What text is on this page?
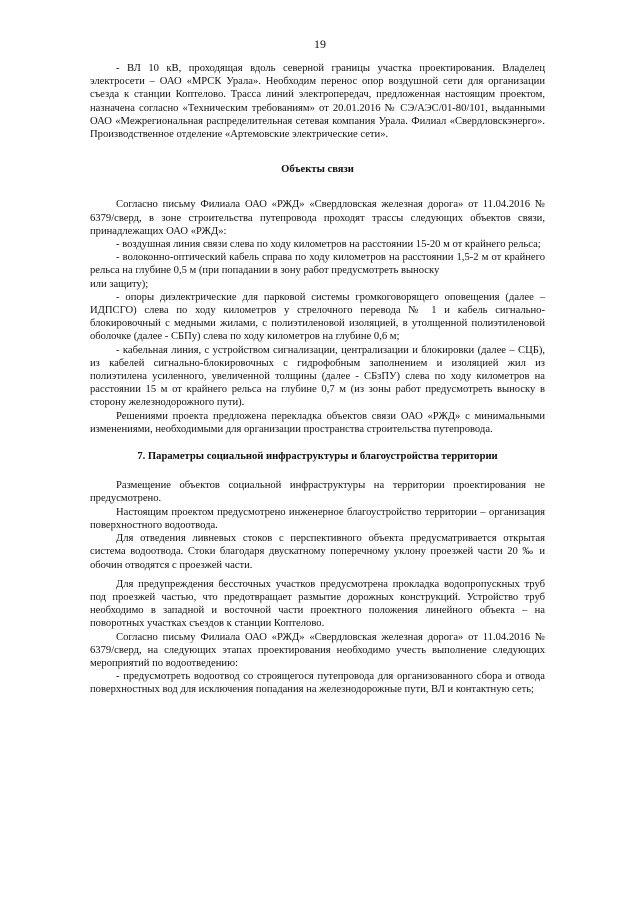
19

- ВЛ 10 кВ, проходящая вдоль северной границы участка проектирования. Владелец электросети – ОАО «МРСК Урала». Необходим перенос опор воздушной сети для организации съезда к станции Коптелово. Трасса линий электропередач, предложенная настоящим проектом, назначена согласно «Техническим требованиям» от 20.01.2016 № СЭ/АЭС/01-80/101, выданными ОАО «Межрегиональная распределительная сетевая компания Урала. Филиал «Свердловскэнерго». Производственное отделение «Артемовские электрические сети».

Объекты связи

Согласно письму Филиала ОАО «РЖД» «Свердловская железная дорога» от 11.04.2016 № 6379/сверд, в зоне строительства путепровода проходят трассы следующих объектов связи, принадлежащих ОАО «РЖД»:

- воздушная линия связи слева по ходу километров на расстоянии 15-20 м от крайнего рельса;

- волоконно-оптический кабель справа по ходу километров на расстоянии 1,5-2 м от крайнего рельса на глубине 0,5 м (при попадании в зону работ предусмотреть выноску

или защиту);

- опоры диэлектрические для парковой системы громкоговорящего оповещения (далее – ИДПСГО) слева по ходу километров у стрелочного перевода № 1 и кабель сигнально-блокировочный с медными жилами, с полиэтиленовой изоляцией, в утолщенной полиэтиленовой оболочке (далее - СБПу) слева по ходу километров на глубине 0,6 м;

- кабельная линия, с устройством сигнализации, централизации и блокировки (далее – СЦБ), из кабелей сигнально-блокировочных с гидрофобным заполнением и изоляцией жил из полиэтилена усиленного, увеличенной толщины (далее - СБзПУ) слева по ходу километров на расстоянии 15 м от крайнего рельса на глубине 0,7 м (из зоны работ предусмотреть выноску в сторону железнодорожного пути).

Решениями проекта предложена перекладка объектов связи ОАО «РЖД» с минимальными изменениями, необходимыми для организации пространства строительства путепровода.

7. Параметры социальной инфраструктуры и благоустройства территории

Размещение объектов социальной инфраструктуры на территории проектирования не предусмотрено.

Настоящим проектом предусмотрено инженерное благоустройство территории – организация поверхностного водоотвода.

Для отведения ливневых стоков с перспективного объекта предусматривается открытая система водоотвода. Стоки благодаря двускатному поперечному уклону проезжей части 20 ‰ и обочин отводятся с проезжей части.

Для предупреждения бессточных участков предусмотрена прокладка водопропускных труб под проезжей частью, что предотвращает размытие дорожных конструкций. Устройство труб необходимо в западной и восточной части проектного положения линейного объекта – на поворотных участках съездов к станции Коптелово.

Согласно письму Филиала ОАО «РЖД» «Свердловская железная дорога» от 11.04.2016 № 6379/сверд, на следующих этапах проектирования необходимо учесть выполнение следующих мероприятий по водоотведению:

- предусмотреть водоотвод со строящегося путепровода для организованного сбора и отвода поверхностных вод для исключения попадания на железнодорожные пути, ВЛ и контактную сеть;
